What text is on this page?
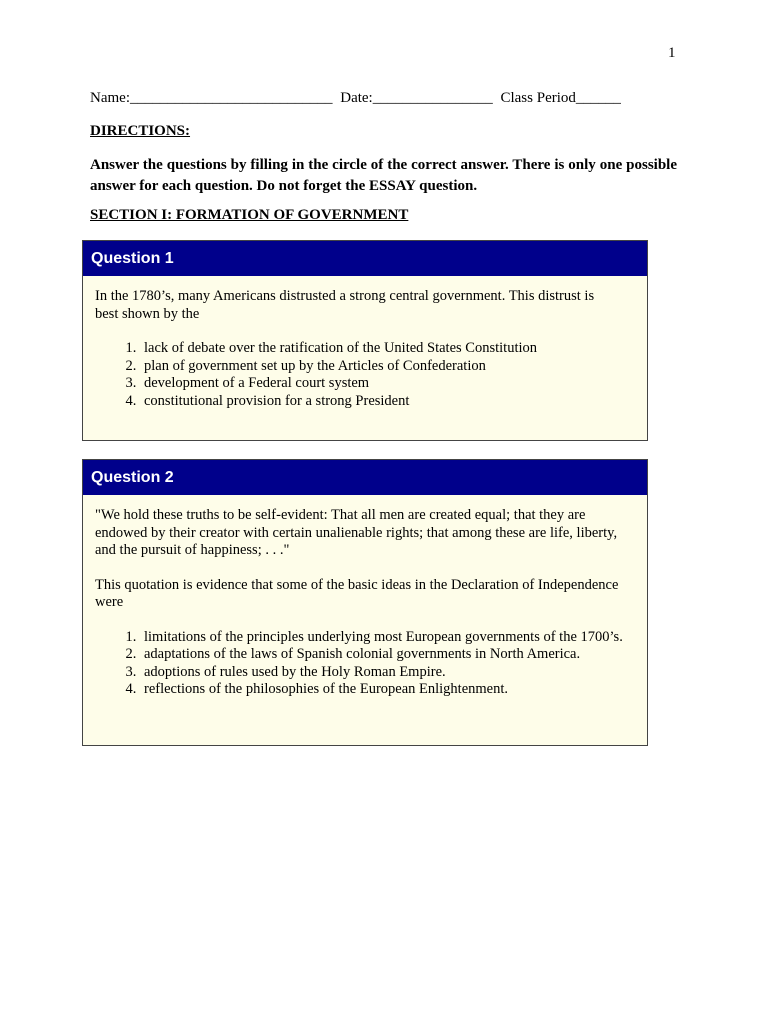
1
Name:___________________________ Date:________________ Class Period______
DIRECTIONS:
Answer the questions by filling in the circle of the correct answer. There is only one possible answer for each question. Do not forget the ESSAY question.
SECTION I: FORMATION OF GOVERNMENT
Question 1

In the 1780’s, many Americans distrusted a strong central government. This distrust is best shown by the

1. lack of debate over the ratification of the United States Constitution
2. plan of government set up by the Articles of Confederation
3. development of a Federal court system
4. constitutional provision for a strong President
Question 2

"We hold these truths to be self-evident: That all men are created equal; that they are endowed by their creator with certain unalienable rights; that among these are life, liberty, and the pursuit of happiness; . . ."

This quotation is evidence that some of the basic ideas in the Declaration of Independence were

1. limitations of the principles underlying most European governments of the 1700’s.
2. adaptations of the laws of Spanish colonial governments in North America.
3. adoptions of rules used by the Holy Roman Empire.
4. reflections of the philosophies of the European Enlightenment.
